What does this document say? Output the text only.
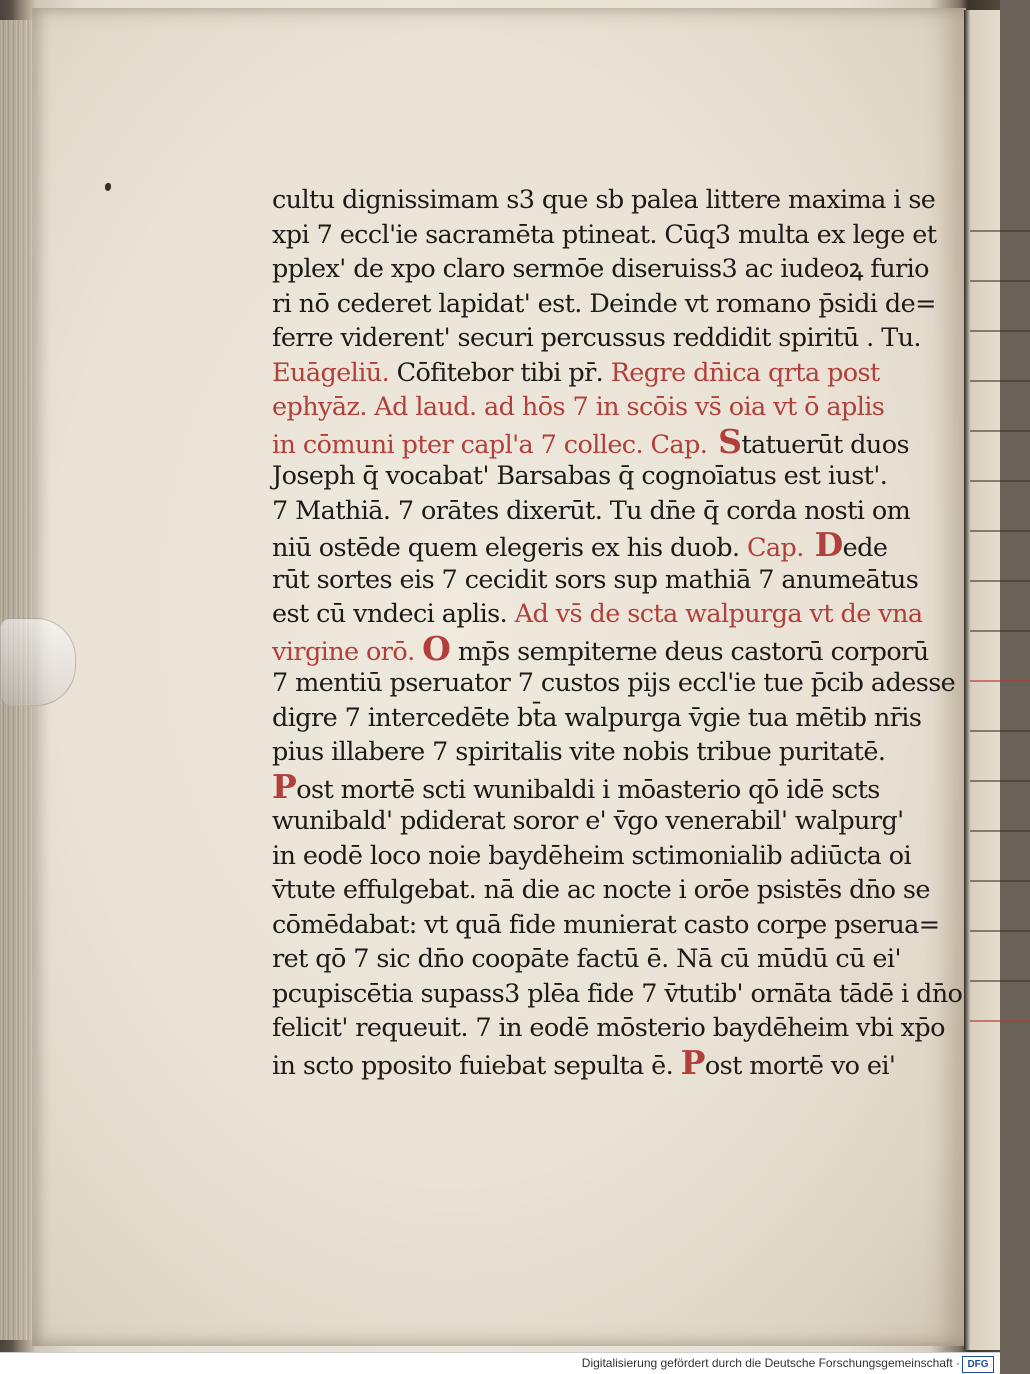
cultu dignissimam s3 que sb palea littere maxima i se
xpi 7 eccl'ie sacramēta ptineat. Cūq3 multa ex lege et
pplex' de xpo claro sermōe diseruiss3 ac iudeoꝝ furio
ri nō cederet lapidat' est. Deinde vt romano p̄sidi de=
ferre viderent' securi percussus reddidit spiritū . Tu.
Euāgeliū. Cōfitebor tibi pr̄. Regre dn̄ica qrta post
ephyāz. Ad laud. ad hōs 7 in scōis vs̄ oia vt ō aplis
in cōmuni pter capl'a 7 collec. Cap. Statuerūt duos
Joseph q̄ vocabat' Barsabas q̄ cognoīatus est iust'.
7 Mathiā. 7 orātes dixerūt. Tu dn̄e q̄ corda nosti om
niū ostēde quem elegeris ex his duob. Cap. Dede
rūt sortes eis 7 cecidit sors sup mathiā 7 anumeātus
est cū vndeci aplis. Ad vs̄ de scta walpurga vt de vna
virgine orō. O mp̄s sempiterne deus castorū corporū
7 mentiū pseruator 7 custos pijs eccl'ie tue p̄cib adesse
digre 7 intercedēte bt̄a walpurga v̄gie tua mētib nr̄is
pius illabere 7 spiritalis vite nobis tribue puritatē.
Post mortē scti wunibaldi i mōasterio qō idē scts
wunibald' pdiderat soror e' v̄go venerabil' walpurg'
in eodē loco noie baydēheim sctimonialib adiūcta oi
v̄tute effulgebat. nā die ac nocte i orōe psistēs dn̄o se
cōmēdabat: vt quā fide munierat casto corpe pserua=
ret qō 7 sic dn̄o coopāte factū ē. Nā cū mūdū cū ei'
pcupiscētia supass3 plēa fide 7 v̄tutib' ornāta tādē i dn̄o
felicit' requeuit. 7 in eodē mōsterio baydēheim vbi xp̄o
in scto pposito fuiebat sepulta ē. Post mortē vo ei'
Digitalisierung gefördert durch die Deutsche Forschungsgemeinschaft · DFG
